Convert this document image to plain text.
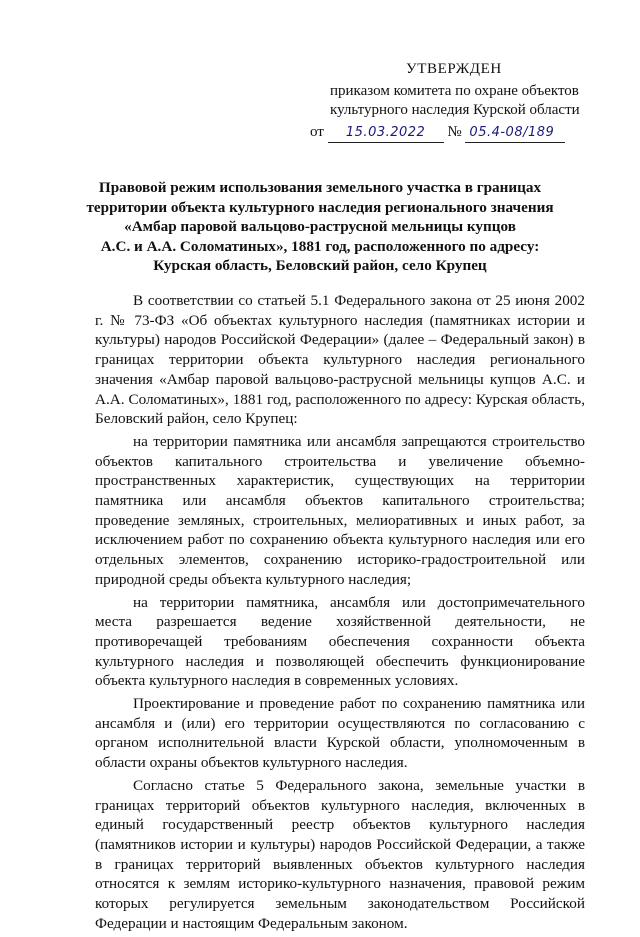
УТВЕРЖДЕН
приказом комитета по охране объектов
культурного наследия Курской области
от 15.03.2022 № 05.4-08/189
Правовой режим использования земельного участка в границах
территории объекта культурного наследия регионального значения
«Амбар паровой вальцово-раструсной мельницы купцов
А.С. и А.А. Соломатиных», 1881 год, расположенного по адресу:
Курская область, Беловский район, село Крупец

В соответствии со статьей 5.1 Федерального закона от 25 июня 2002 г. № 73-ФЗ «Об объектах культурного наследия (памятниках истории и культуры) народов Российской Федерации» (далее – Федеральный закон) в границах территории объекта культурного наследия регионального значения «Амбар паровой вальцово-раструсной мельницы купцов А.С. и А.А. Соломатиных», 1881 год, расположенного по адресу: Курская область, Беловский район, село Крупец:

на территории памятника или ансамбля запрещаются строительство объектов капитального строительства и увеличение объемно-пространственных характеристик, существующих на территории памятника или ансамбля объектов капитального строительства; проведение земляных, строительных, мелиоративных и иных работ, за исключением работ по сохранению объекта культурного наследия или его отдельных элементов, сохранению историко-градостроительной или природной среды объекта культурного наследия;

на территории памятника, ансамбля или достопримечательного места разрешается ведение хозяйственной деятельности, не противоречащей требованиям обеспечения сохранности объекта культурного наследия и позволяющей обеспечить функционирование объекта культурного наследия в современных условиях.

Проектирование и проведение работ по сохранению памятника или ансамбля и (или) его территории осуществляются по согласованию с органом исполнительной власти Курской области, уполномоченным в области охраны объектов культурного наследия.

Согласно статье 5 Федерального закона, земельные участки в границах территорий объектов культурного наследия, включенных в единый государственный реестр объектов культурного наследия (памятников истории и культуры) народов Российской Федерации, а также в границах территорий выявленных объектов культурного наследия относятся к землям историко-культурного назначения, правовой режим которых регулируется земельным законодательством Российской Федерации и настоящим Федеральным законом.
